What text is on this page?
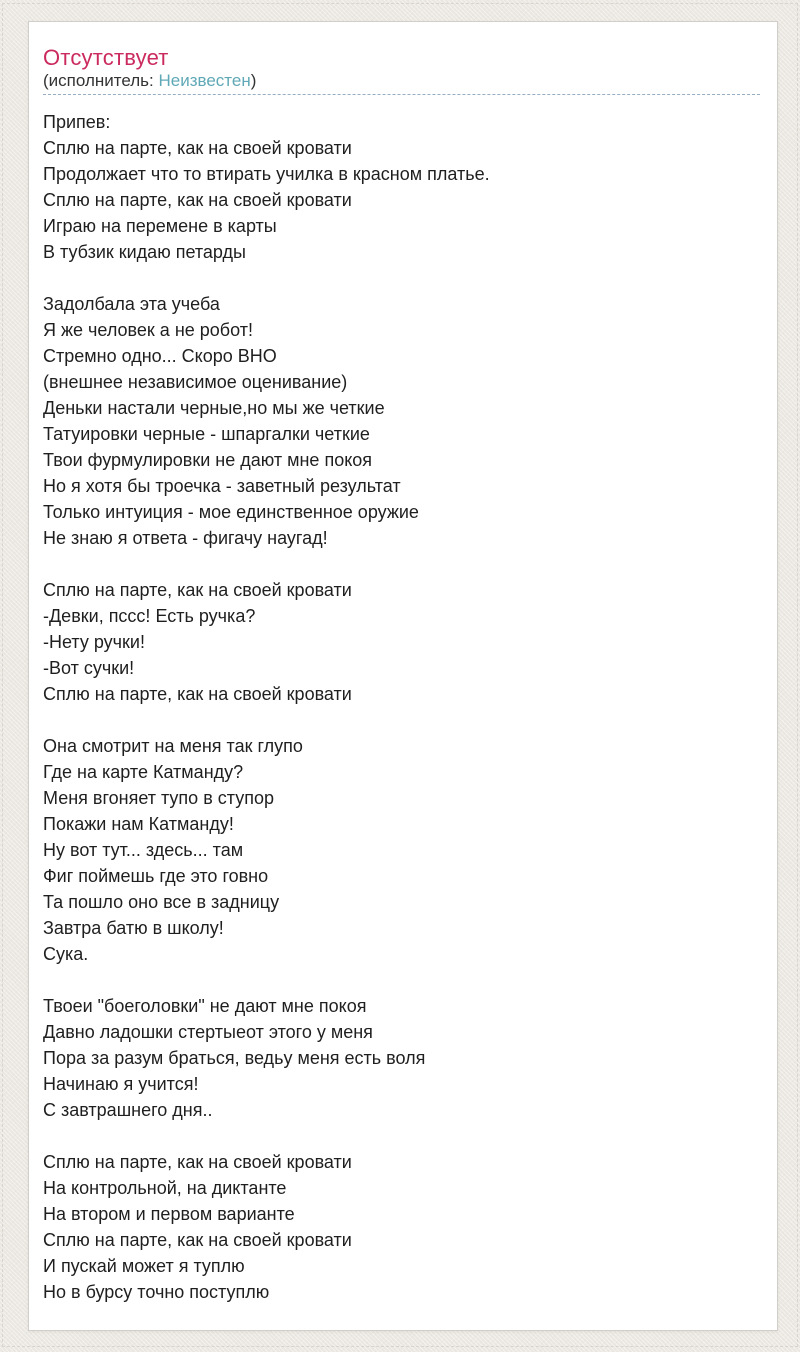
Отсутствует

(исполнитель: Неизвестен)

Припев:
Сплю на парте, как на своей кровати
Продолжает что то втирать училка в красном платье.
Сплю на парте, как на своей кровати
Играю на перемене в карты
В тубзик кидаю петарды

Задолбала эта учеба
Я же человек а не робот!
Стремно одно... Скоро ВНО
(внешнее независимое оценивание)
Деньки настали черные,но мы же четкие
Татуировки черные - шпаргалки четкие
Твои фурмулировки не дают мне покоя
Но я хотя бы троечка - заветный результат
Только интуиция - мое единственное оружие
Не знаю я ответа - фигачу наугад!

Сплю на парте, как на своей кровати
-Девки, пссс! Есть ручка?
-Нету ручки!
-Вот сучки!
Сплю на парте, как на своей кровати

Она смотрит на меня так глупо
Где на карте Катманду?
Меня вгоняет тупо в ступор
Покажи нам Катманду!
Ну вот тут... здесь... там
Фиг поймешь где это говно
Та пошло оно все в задницу
Завтра батю в школу!
Сука.

Твоеи "боеголовки" не дают мне покоя
Давно ладошки стертыеот этого у меня
Пора за разум браться, ведьу меня есть воля
Начинаю я учится!
С завтрашнего дня..

Сплю на парте, как на своей кровати
На контрольной, на диктанте
На втором и первом варианте
Сплю на парте, как на своей кровати
И пускай может я туплю
Но в бурсу точно поступлю
